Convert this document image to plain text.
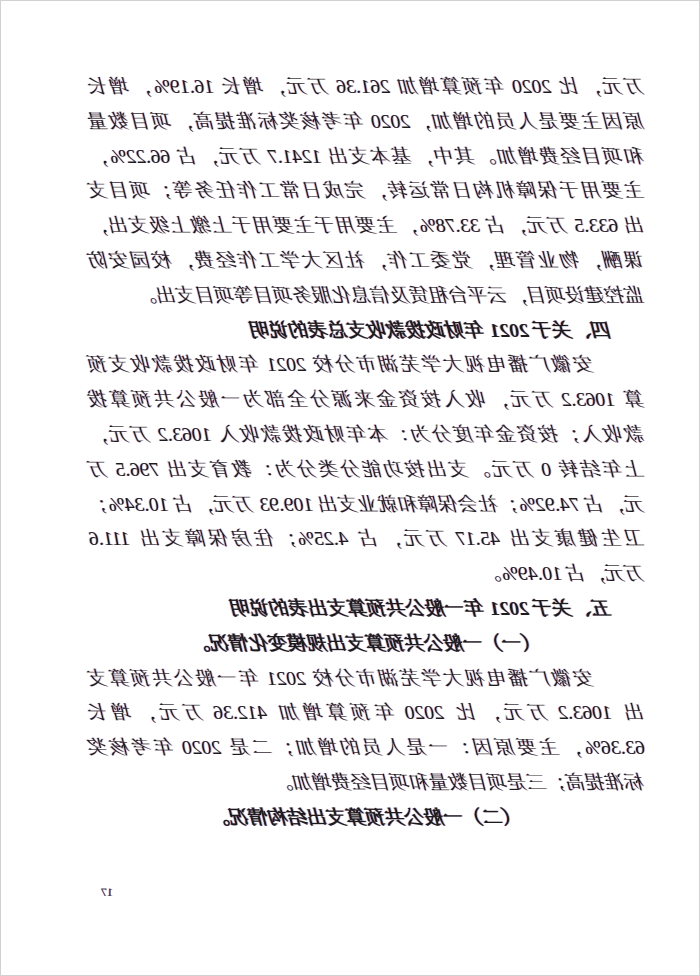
万元，比 2020 年预算增加 261.36 万元，增长 16.19%，增长
原因主要是人员的增加，2020 年考核奖标准提高，项目数量
和项目经费增加。其中，基本支出 1241.7 万元，占 66.22%，
主要用于保障机构日常运转，完成日常工作任务等；项目支
出 633.5 万元，占 33.78%，主要用于主要用于上缴上级支出，
课酬，物业管理，党委工作，社区大学工作经费，校园安防
监控建设项目，云平台租赁及信息化服务项目等项目支出。
四、关于 2021 年财政拨款收支总表的说明
安徽广播电视大学芜湖市分校 2021 年财政拨款收支预
算 1063.2 万元，收入按资金来源分全部为一般公共预算拨
款收入；按资金年度分为：本年财政拨款收入 1063.2 万元，
上年结转 0 万元。支出按功能分类分为：教育支出 796.5 万
元，占 74.92%；社会保障和就业支出 109.93 万元，占 10.34%；
卫生健康支出 45.17 万元，占 4.25%；住房保障支出 111.6
万元，占 10.49%。
五、关于 2021 年一般公共预算支出表的说明
（一）一般公共预算支出规模变化情况。
安徽广播电视大学芜湖市分校 2021 年一般公共预算支
出 1063.2 万元，比 2020 年预算增加 412.36 万元，增长
63.36%，主要原因：一是人员的增加；二是 2020 年考核奖
标准提高；三是项目数量和项目经费增加。
（二）一般公共预算支出结构情况。
17
